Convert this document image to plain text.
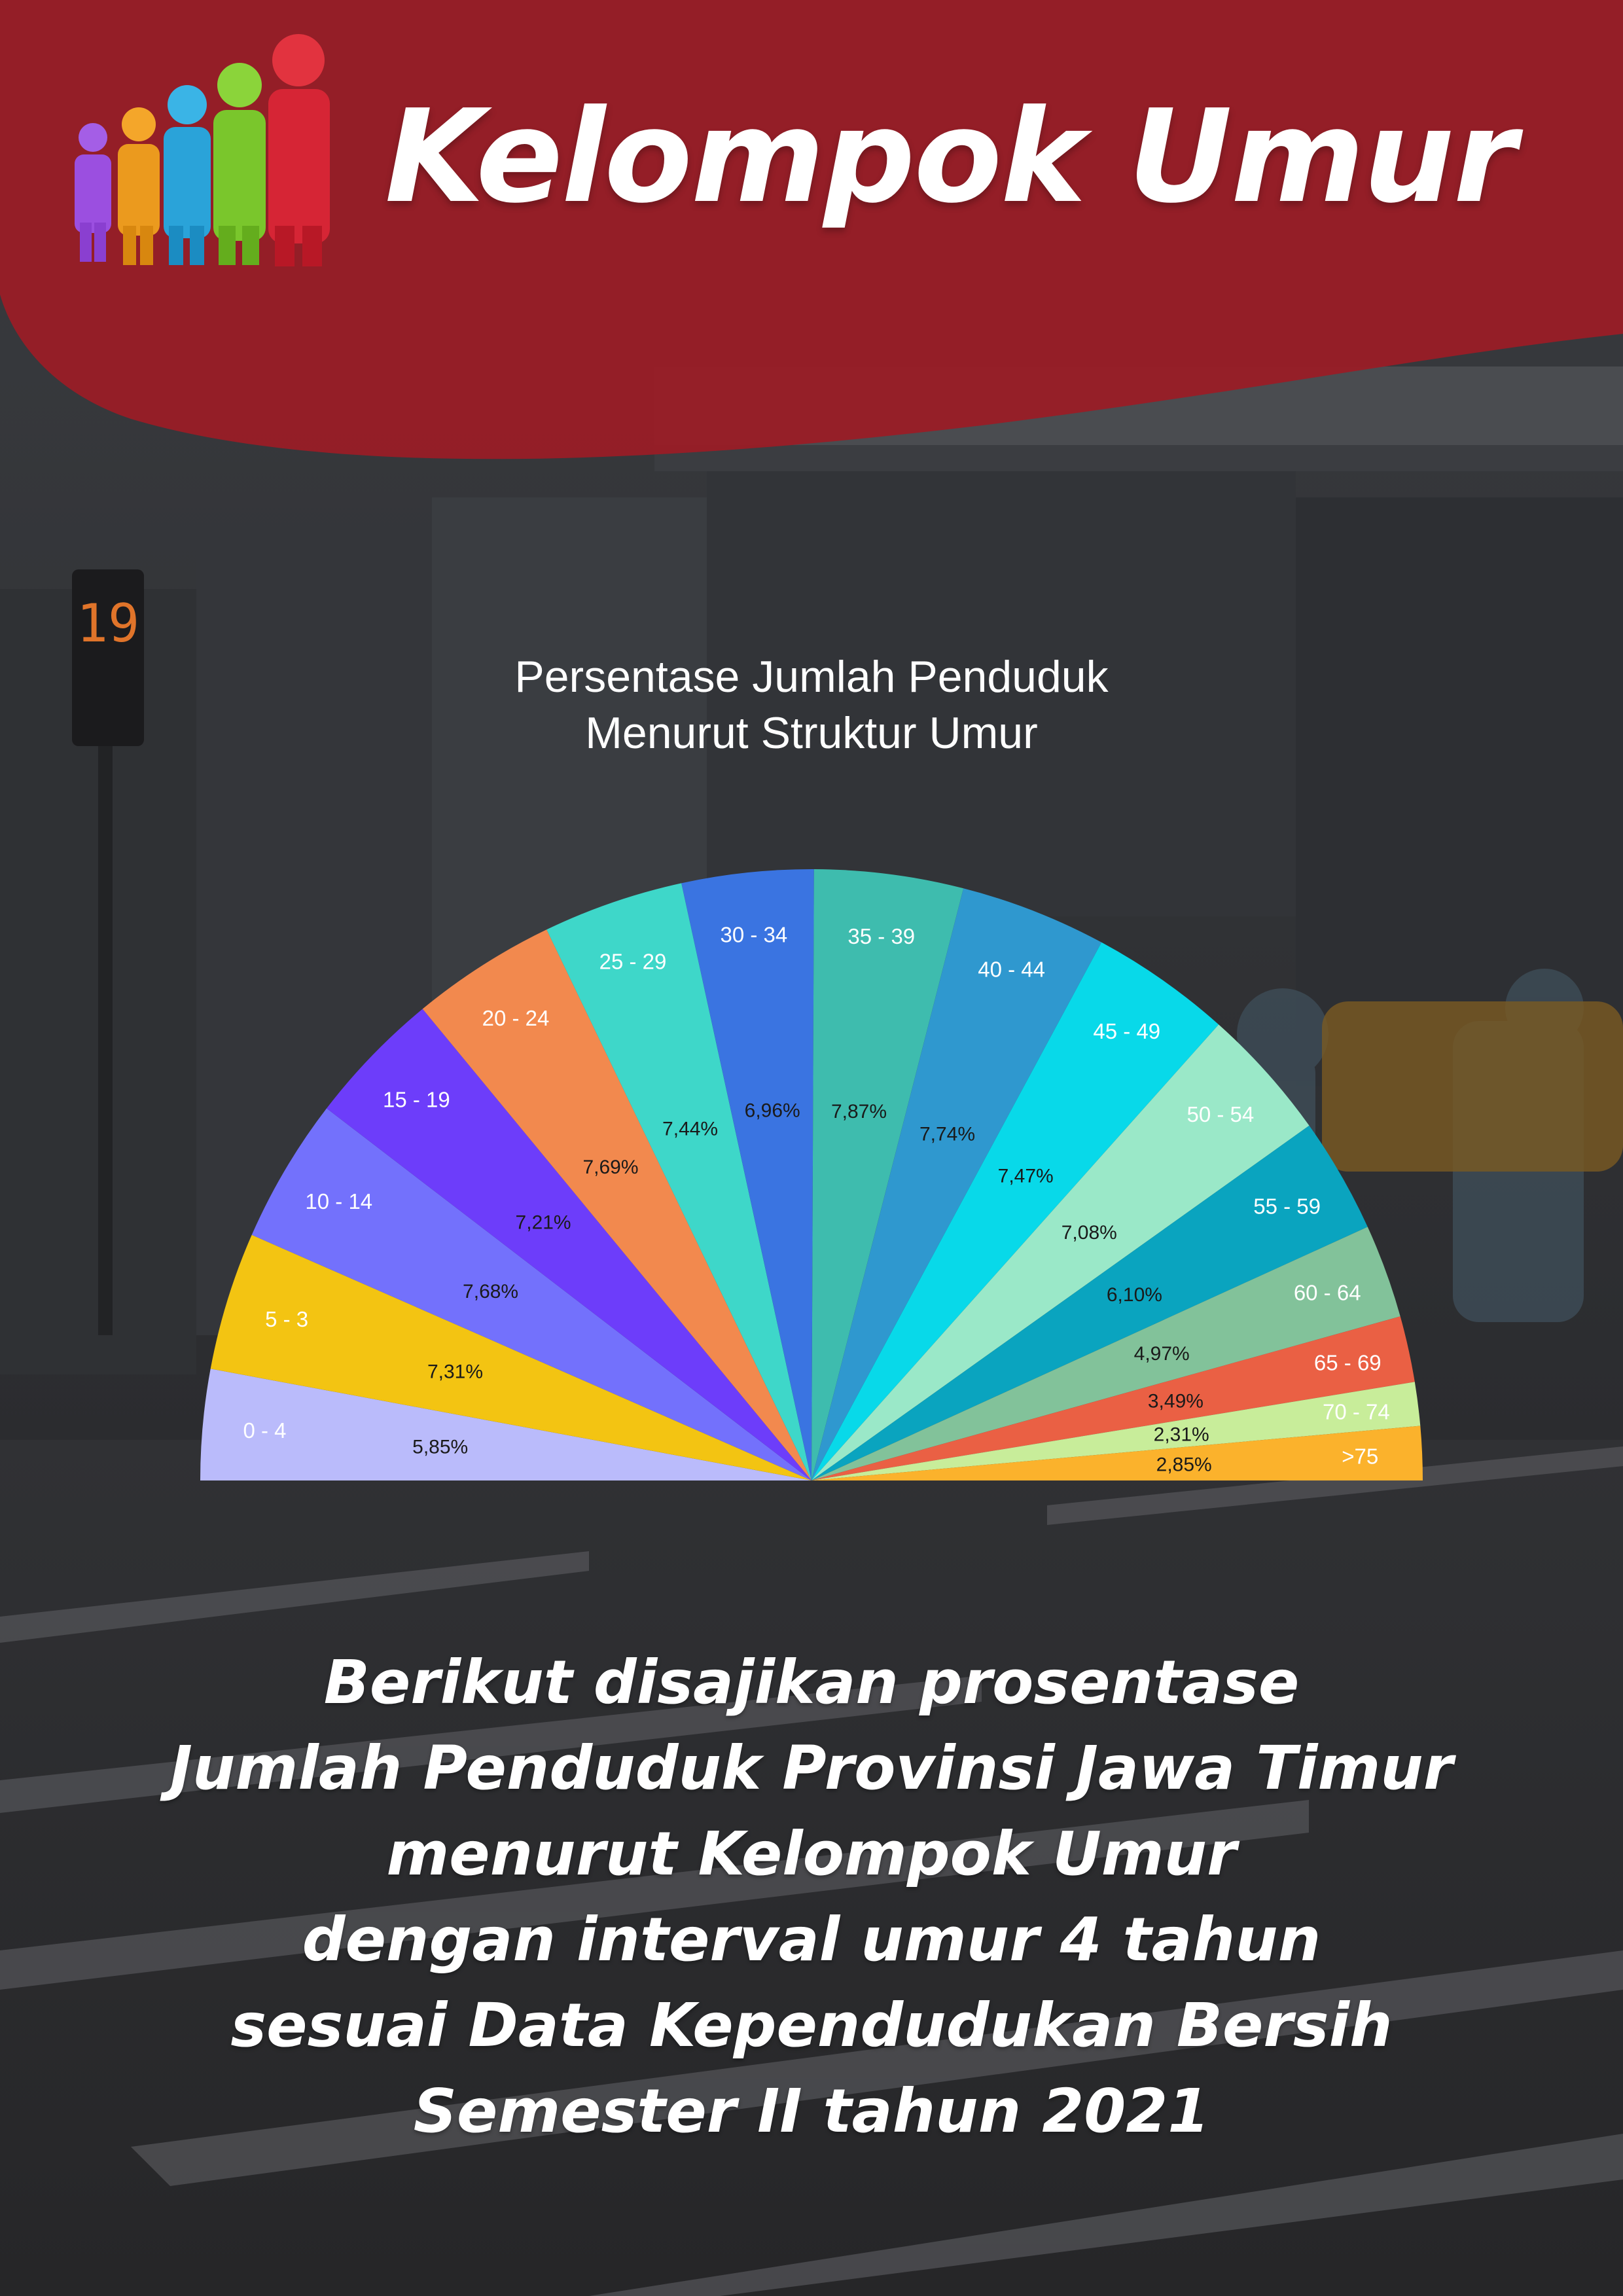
19
Kelompok Umur
Persentase Jumlah Penduduk
Menurut Struktur Umur
0 - 4
5 - 3
10 - 14
15 - 19
20 - 24
25 - 29
30 - 34	35 - 39
40 - 44
45 - 49
50 - 54
55 - 59
60 - 64
65 - 69
70 - 74
>75
5,85%
7,31%
7,68%
7,21%
7,69%
7,44%
6,96% 7,87%
7,74%
7,47%
7,08%
6,10%
4,97%
3,49%
2,31%
2,85%
Berikut disajikan prosentase
Jumlah Penduduk Provinsi Jawa Timur
menurut Kelompok Umur
dengan interval umur 4 tahun
sesuai Data Kependudukan Bersih
Semester II tahun 2021
